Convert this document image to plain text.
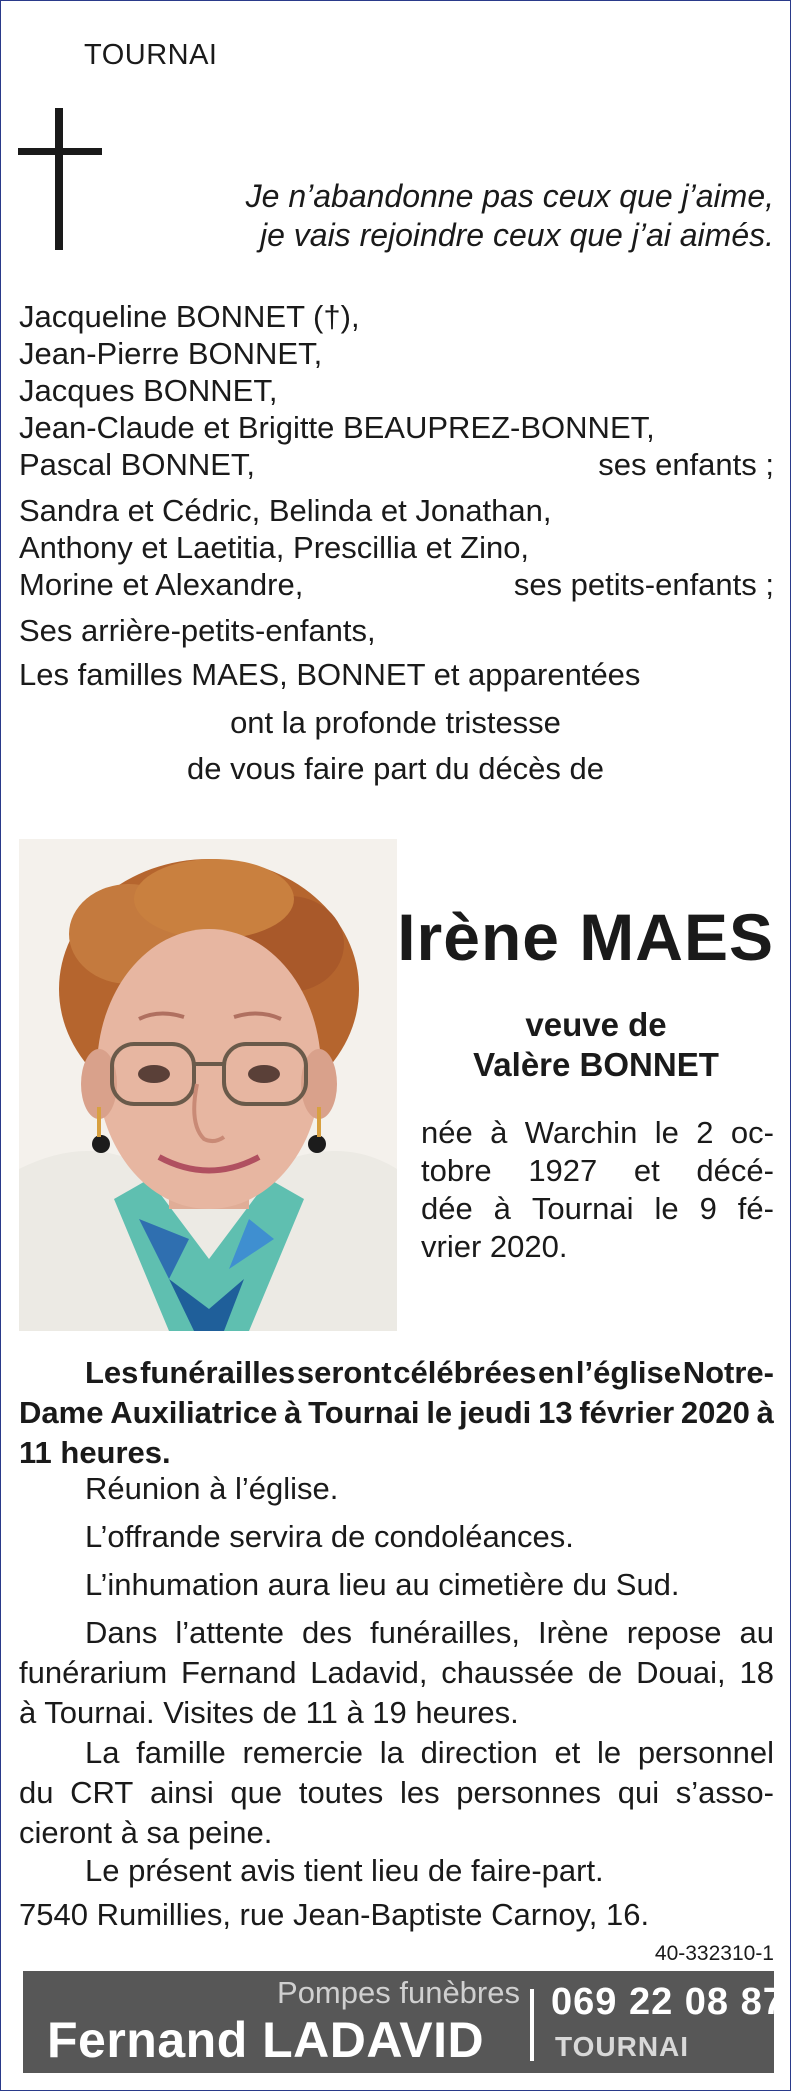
TOURNAI
Je n’abandonne pas ceux que j’aime,
je vais rejoindre ceux que j’ai aimés.
Jacqueline BONNET (†),
Jean-Pierre BONNET,
Jacques BONNET,
Jean-Claude et Brigitte BEAUPREZ-BONNET,
Pascal BONNET,	ses enfants ;
Sandra et Cédric, Belinda et Jonathan,
Anthony et Laetitia, Prescillia et Zino,
Morine et Alexandre,	ses petits-enfants ;
Ses arrière-petits-enfants,
Les familles MAES, BONNET et apparentées
ont la profonde tristesse
de vous faire part du décès de
Irène MAES
veuve de
Valère BONNET
née à Warchin le 2 oc-
tobre 1927 et décé-
dée à Tournai le 9 fé-
vrier 2020.
Les funérailles seront célébrées en l’église Notre-
Dame Auxiliatrice à Tournai le jeudi 13 février 2020 à
11 heures.
Réunion à l’église.
L’offrande servira de condoléances.
L’inhumation aura lieu au cimetière du Sud.
Dans l’attente des funérailles, Irène repose au
funérarium Fernand Ladavid, chaussée de Douai, 18
à Tournai. Visites de 11 à 19 heures.
La famille remercie la direction et le personnel
du CRT ainsi que toutes les personnes qui s’asso-
cieront à sa peine.
Le présent avis tient lieu de faire-part.
7540 Rumillies, rue Jean-Baptiste Carnoy, 16.
40-332310-1
Pompes funèbres
Fernand LADAVID
069 22 08 87
TOURNAI
